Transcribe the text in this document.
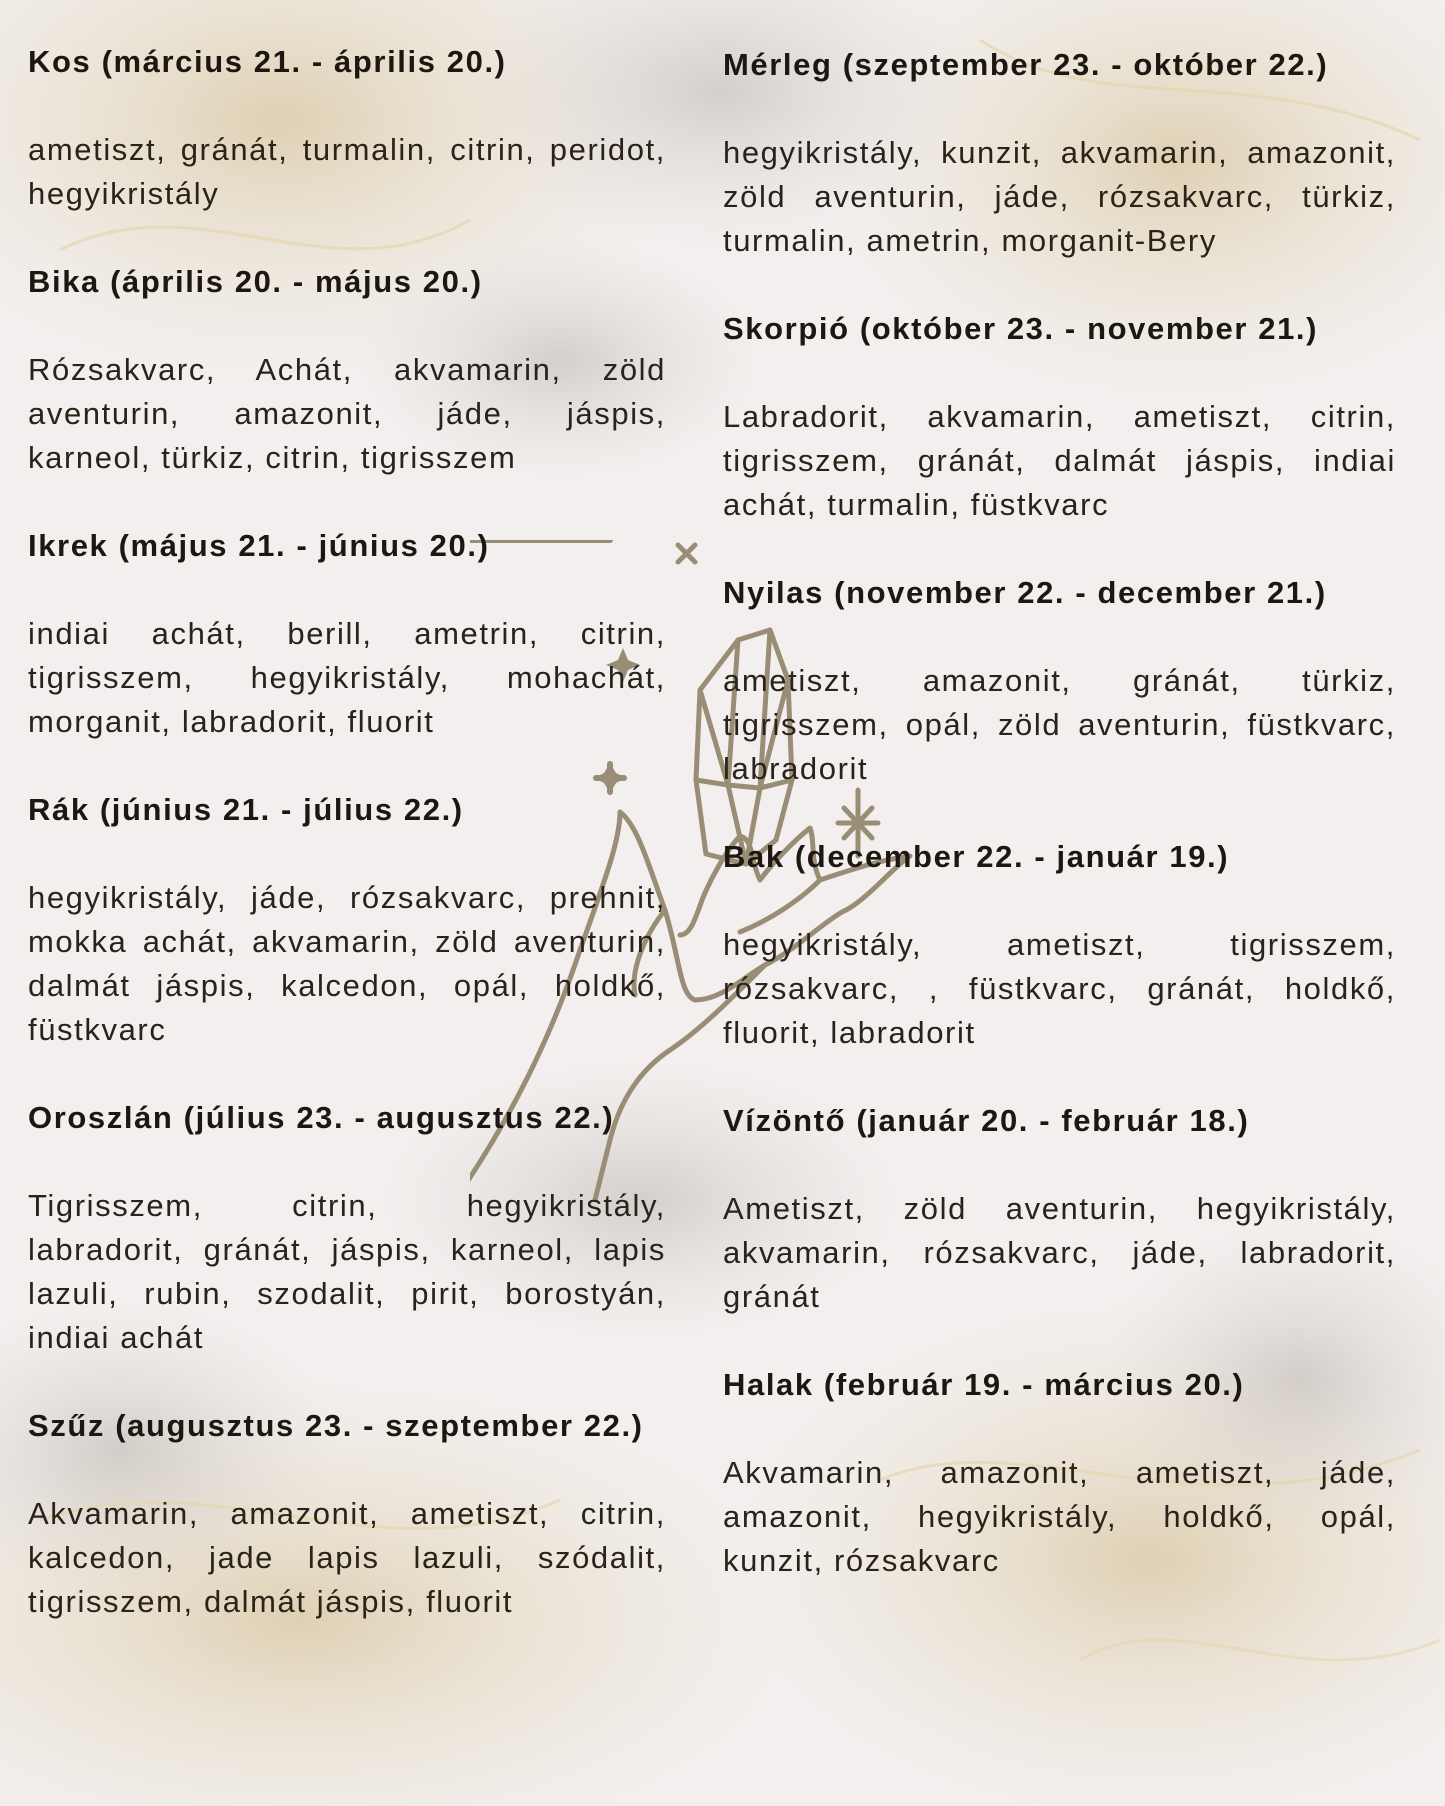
Kos (március 21. - április 20.)

ametiszt, gránát, turmalin, citrin, peridot, hegyikristály

Bika (április 20. - május 20.)

Rózsakvarc, Achát, akvamarin, zöld aventurin, amazonit, jáde, jáspis, karneol, türkiz, citrin, tigrisszem

Ikrek (május 21. - június 20.)

indiai achát, berill, ametrin, citrin, tigrisszem, hegyikristály, mohachát, morganit, labradorit, fluorit

Rák (június 21. - július 22.)

hegyikristály, jáde, rózsakvarc, prehnit, mokka achát, akvamarin, zöld aventurin, dalmát jáspis, kalcedon, opál, holdkő, füstkvarc

Oroszlán (július 23. - augusztus 22.)

Tigrisszem, citrin, hegyikristály, labradorit, gránát, jáspis, karneol, lapis lazuli, rubin, szodalit, pirit, borostyán, indiai achát

Szűz (augusztus 23. - szeptember 22.)

Akvamarin, amazonit, ametiszt, citrin, kalcedon, jade lapis lazuli, szódalit, tigrisszem, dalmát jáspis, fluorit

Mérleg (szeptember 23. - október 22.)

hegyikristály, kunzit, akvamarin, amazonit, zöld aventurin, jáde, rózsakvarc, türkiz, turmalin, ametrin, morganit-Bery

Skorpió (október 23. - november 21.)

Labradorit, akvamarin, ametiszt, citrin, tigrisszem, gránát, dalmát jáspis, indiai achát, turmalin, füstkvarc

Nyilas (november 22. - december 21.)

ametiszt, amazonit, gránát, türkiz, tigrisszem, opál, zöld aventurin, füstkvarc, labradorit

Bak (december 22. - január 19.)

hegyikristály, ametiszt, tigrisszem, rózsakvarc, , füstkvarc, gránát, holdkő, fluorit, labradorit

Vízöntő (január 20. - február 18.)

Ametiszt, zöld aventurin, hegyikristály, akvamarin, rózsakvarc, jáde, labradorit, gránát

Halak (február 19. - március 20.)

Akvamarin, amazonit, ametiszt, jáde, amazonit, hegyikristály, holdkő, opál, kunzit, rózsakvarc
